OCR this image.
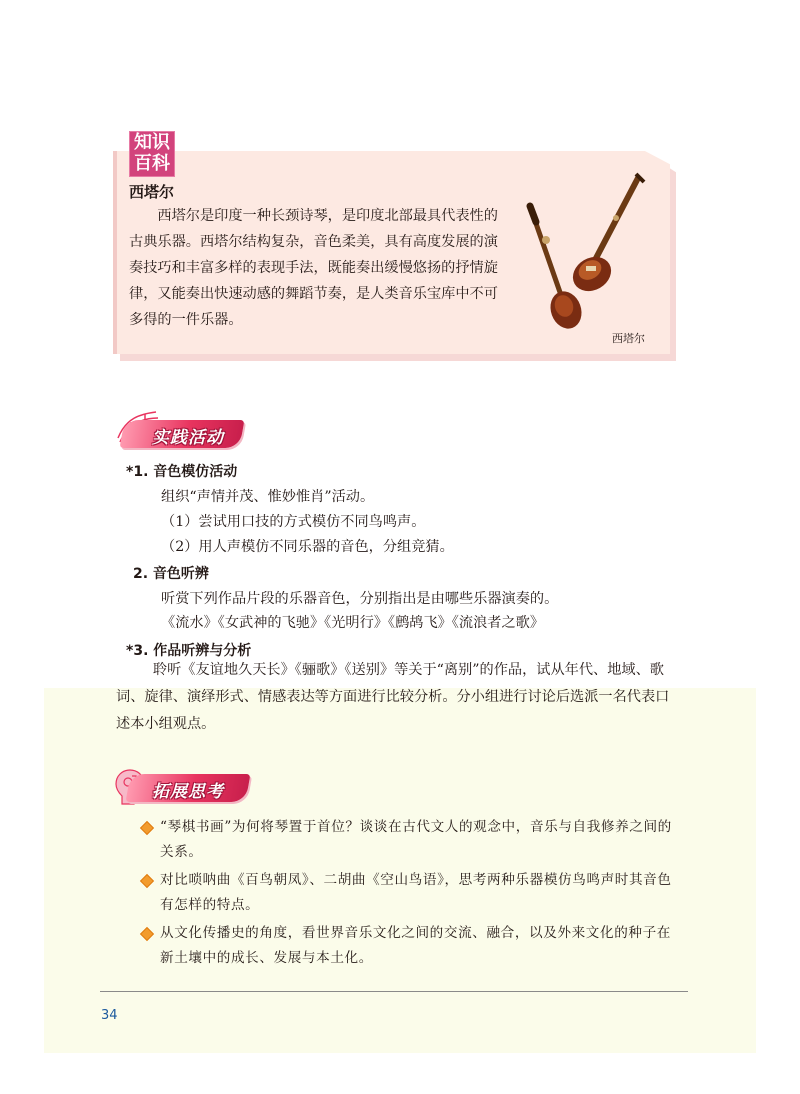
知识
百科
西塔尔
西塔尔是印度一种长颈诗琴，是印度北部最具代表性的古典乐器。西塔尔结构复杂，音色柔美，具有高度发展的演奏技巧和丰富多样的表现手法，既能奏出缓慢悠扬的抒情旋律，又能奏出快速动感的舞蹈节奏，是人类音乐宝库中不可多得的一件乐器。
西塔尔
实践活动
*1. 音色模仿活动
组织“声情并茂、惟妙惟肖”活动。
（1）尝试用口技的方式模仿不同鸟鸣声。
（2）用人声模仿不同乐器的音色，分组竞猜。
2. 音色听辨
听赏下列作品片段的乐器音色，分别指出是由哪些乐器演奏的。
《流水》《女武神的飞驰》《光明行》《鹧鸪飞》《流浪者之歌》
*3. 作品听辨与分析
聆听《友谊地久天长》《骊歌》《送别》等关于“离别”的作品，试从年代、地域、歌词、旋律、演绎形式、情感表达等方面进行比较分析。分小组进行讨论后选派一名代表口述本小组观点。
拓展思考
“琴棋书画”为何将琴置于首位？谈谈在古代文人的观念中，音乐与自我修养之间的关系。
对比唢呐曲《百鸟朝凤》、二胡曲《空山鸟语》，思考两种乐器模仿鸟鸣声时其音色有怎样的特点。
从文化传播史的角度，看世界音乐文化之间的交流、融合，以及外来文化的种子在新土壤中的成长、发展与本土化。
34
